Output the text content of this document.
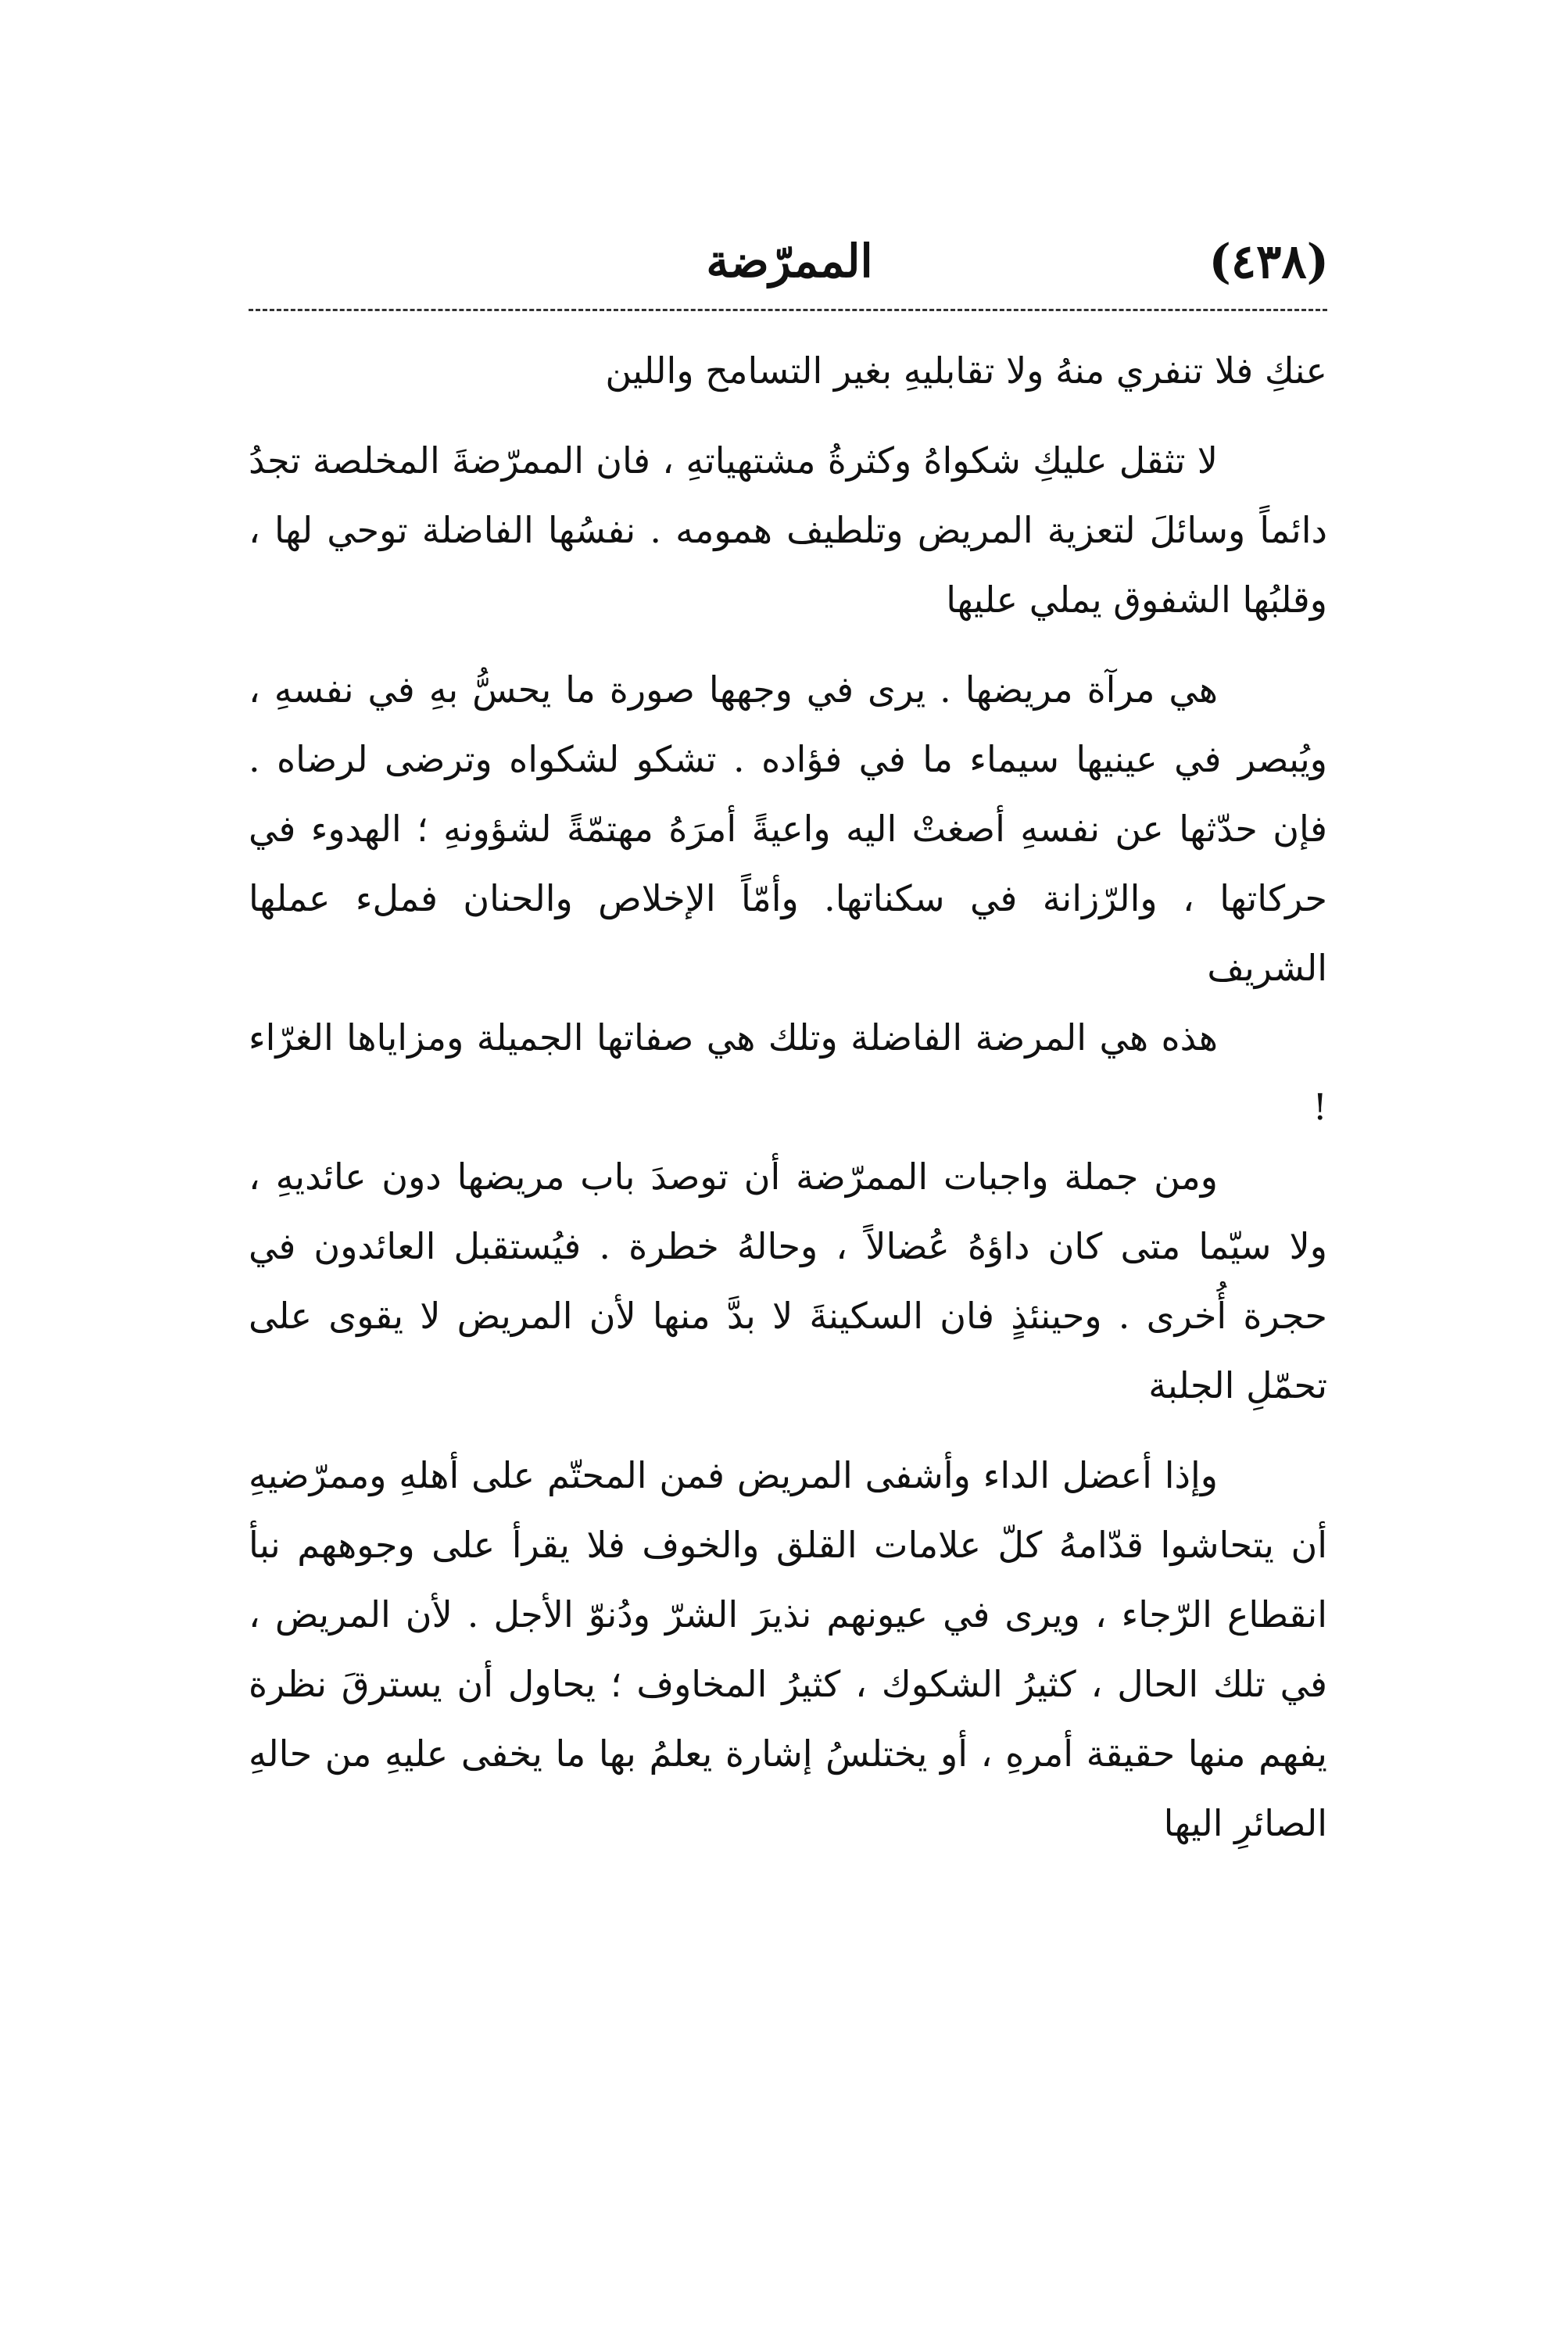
الممرّضة	(٤٣٨)

عنكِ فلا تنفري منهُ ولا تقابليهِ بغير التسامح واللين

لا تثقل عليكِ شكواهُ وكثرةُ مشتهياتهِ ، فان الممرّضةَ المخلصة تجدُ دائماً وسائلَ لتعزية المريض وتلطيف همومه . نفسُها الفاضلة توحي لها ، وقلبُها الشفوق يملي عليها

هي مرآة مريضها . يرى في وجهها صورة ما يحسُّ بهِ في نفسهِ ، ويُبصر في عينيها سيماء ما في فؤاده . تشكو لشكواه وترضى لرضاه . فإن حدّثها عن نفسهِ أصغتْ اليه واعيةً أمرَهُ مهتمّةً لشؤونهِ ؛ الهدوء في حركاتها ، والرّزانة في سكناتها. وأمّاً الإخلاص والحنان فملء عملها الشريف

هذه هي المرضة الفاضلة وتلك هي صفاتها الجميلة ومزاياها الغرّاء !

ومن جملة واجبات الممرّضة أن توصدَ باب مريضها دون عائديهِ ، ولا سيّما متى كان داؤهُ عُضالاً ، وحالهُ خطرة . فيُستقبل العائدون في حجرة أُخرى . وحينئذٍ فان السكينةَ لا بدَّ منها لأن المريض لا يقوى على تحمّلِ الجلبة

وإذا أعضل الداء وأشفى المريض فمن المحتّم على أهلهِ وممرّضيهِ أن يتحاشوا قدّامهُ كلّ علامات القلق والخوف فلا يقرأ على وجوههم نبأ انقطاع الرّجاء ، ويرى في عيونهم نذيرَ الشرّ ودُنوّ الأجل . لأن المريض ، في تلك الحال ، كثيرُ الشكوك ، كثيرُ المخاوف ؛ يحاول أن يسترقَ نظرة يفهم منها حقيقة أمرهِ ، أو يختلسُ إشارة يعلمُ بها ما يخفى عليهِ من حالهِ الصائرِ اليها
